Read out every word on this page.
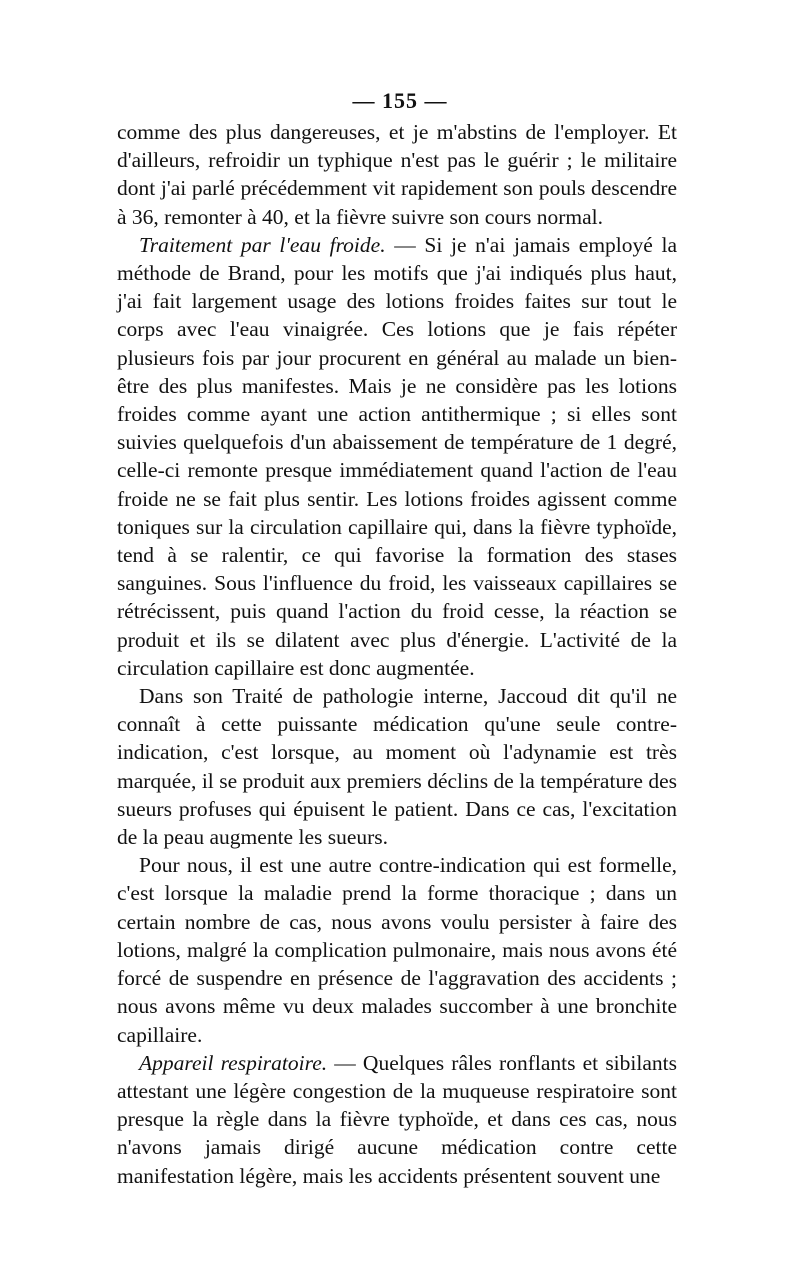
— 155 —

comme des plus dangereuses, et je m'abstins de l'employer. Et d'ailleurs, refroidir un typhique n'est pas le guérir ; le militaire dont j'ai parlé précédemment vit rapidement son pouls descendre à 36, remonter à 40, et la fièvre suivre son cours normal.

Traitement par l'eau froide. — Si je n'ai jamais employé la méthode de Brand, pour les motifs que j'ai indiqués plus haut, j'ai fait largement usage des lotions froides faites sur tout le corps avec l'eau vinaigrée. Ces lotions que je fais répéter plusieurs fois par jour procurent en général au malade un bien-être des plus manifestes. Mais je ne considère pas les lotions froides comme ayant une action antithermique ; si elles sont suivies quelquefois d'un abaissement de température de 1 degré, celle-ci remonte presque immédiatement quand l'action de l'eau froide ne se fait plus sentir. Les lotions froides agissent comme toniques sur la circulation capillaire qui, dans la fièvre typhoïde, tend à se ralentir, ce qui favorise la formation des stases sanguines. Sous l'influence du froid, les vaisseaux capillaires se rétrécissent, puis quand l'action du froid cesse, la réaction se produit et ils se dilatent avec plus d'énergie. L'activité de la circulation capillaire est donc augmentée.

Dans son Traité de pathologie interne, Jaccoud dit qu'il ne connaît à cette puissante médication qu'une seule contre-indication, c'est lorsque, au moment où l'adynamie est très marquée, il se produit aux premiers déclins de la température des sueurs profuses qui épuisent le patient. Dans ce cas, l'excitation de la peau augmente les sueurs.

Pour nous, il est une autre contre-indication qui est formelle, c'est lorsque la maladie prend la forme thoracique ; dans un certain nombre de cas, nous avons voulu persister à faire des lotions, malgré la complication pulmonaire, mais nous avons été forcé de suspendre en présence de l'aggravation des accidents ; nous avons même vu deux malades succomber à une bronchite capillaire.

Appareil respiratoire. — Quelques râles ronflants et sibilants attestant une légère congestion de la muqueuse respiratoire sont presque la règle dans la fièvre typhoïde, et dans ces cas, nous n'avons jamais dirigé aucune médication contre cette manifestation légère, mais les accidents présentent souvent une
